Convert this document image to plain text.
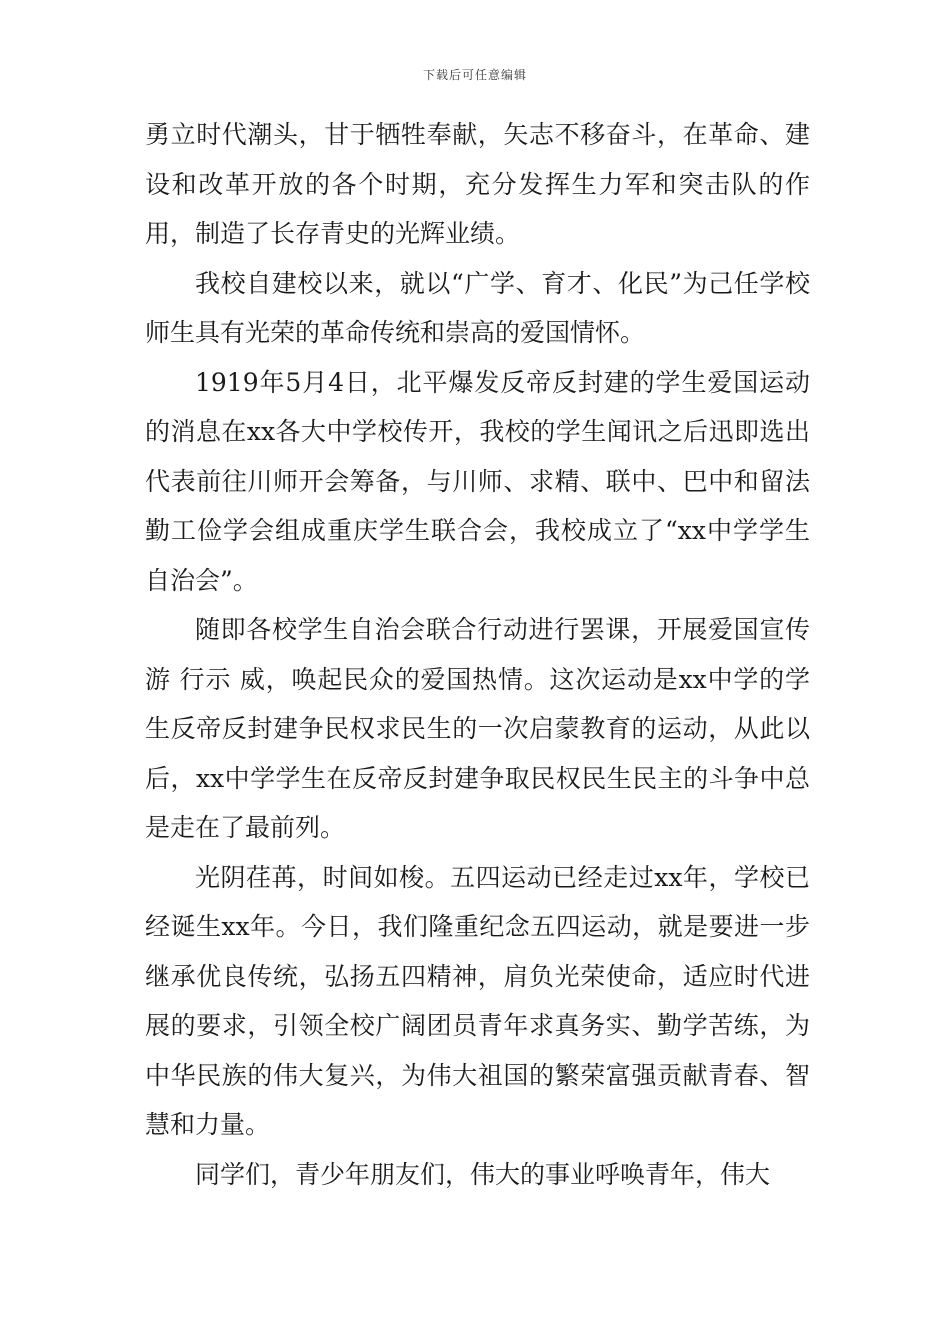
下载后可任意编辑

勇立时代潮头，甘于牺牲奉献，矢志不移奋斗，在革命、建设和改革开放的各个时期，充分发挥生力军和突击队的作用，制造了长存青史的光辉业绩。

我校自建校以来，就以“广学、育才、化民”为己任学校师生具有光荣的革命传统和崇高的爱国情怀。

1919年5月4日，北平爆发反帝反封建的学生爱国运动的消息在xx各大中学校传开，我校的学生闻讯之后迅即选出代表前往川师开会筹备，与川师、求精、联中、巴中和留法勤工俭学会组成重庆学生联合会，我校成立了“xx中学学生自治会”。

随即各校学生自治会联合行动进行罢课，开展爱国宣传游 行示 威，唤起民众的爱国热情。这次运动是xx中学的学生反帝反封建争民权求民生的一次启蒙教育的运动，从此以后，xx中学学生在反帝反封建争取民权民生民主的斗争中总是走在了最前列。

光阴荏苒，时间如梭。五四运动已经走过xx年，学校已经诞生xx年。今日，我们隆重纪念五四运动，就是要进一步继承优良传统，弘扬五四精神，肩负光荣使命，适应时代进展的要求，引领全校广阔团员青年求真务实、勤学苦练，为中华民族的伟大复兴，为伟大祖国的繁荣富强贡献青春、智慧和力量。

同学们，青少年朋友们，伟大的事业呼唤青年，伟大
